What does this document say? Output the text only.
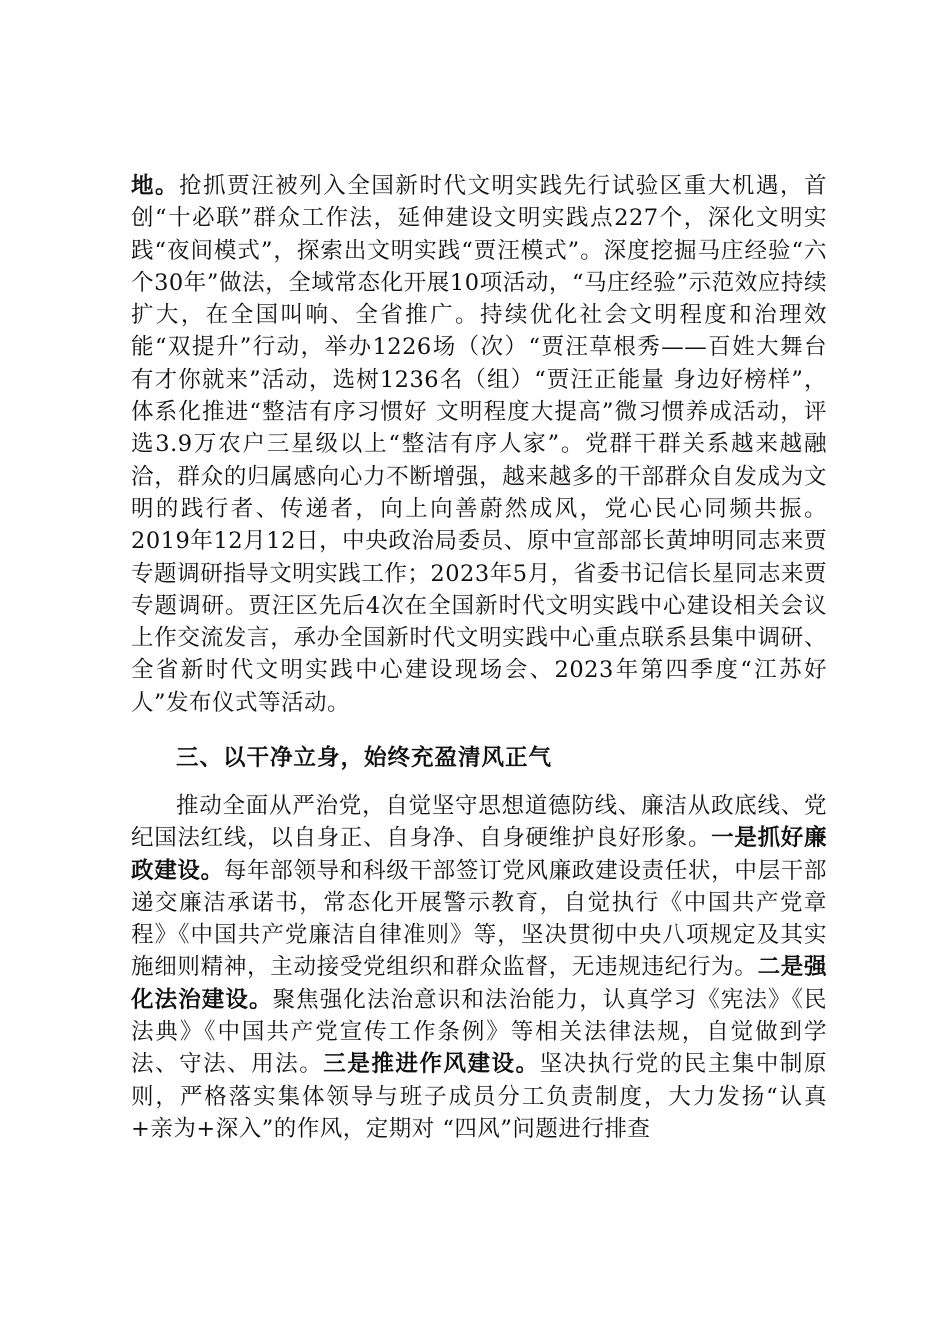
地。抢抓贾汪被列入全国新时代文明实践先行试验区重大机遇，首创“十必联”群众工作法，延伸建设文明实践点227个，深化文明实践“夜间模式”，探索出文明实践“贾汪模式”。深度挖掘马庄经验“六个30年”做法，全域常态化开展10项活动，“马庄经验”示范效应持续扩大，在全国叫响、全省推广。持续优化社会文明程度和治理效能“双提升”行动，举办1226场（次）“贾汪草根秀——百姓大舞台 有才你就来”活动，选树1236名（组）“贾汪正能量 身边好榜样”，体系化推进“整洁有序习惯好 文明程度大提高”微习惯养成活动，评选3.9万农户三星级以上“整洁有序人家”。党群干群关系越来越融洽，群众的归属感向心力不断增强，越来越多的干部群众自发成为文明的践行者、传递者，向上向善蔚然成风，党心民心同频共振。2019年12月12日，中央政治局委员、原中宣部部长黄坤明同志来贾专题调研指导文明实践工作；2023年5月，省委书记信长星同志来贾专题调研。贾汪区先后4次在全国新时代文明实践中心建设相关会议上作交流发言，承办全国新时代文明实践中心重点联系县集中调研、全省新时代文明实践中心建设现场会、2023年第四季度“江苏好人”发布仪式等活动。

三、以干净立身，始终充盈清风正气

推动全面从严治党，自觉坚守思想道德防线、廉洁从政底线、党纪国法红线，以自身正、自身净、自身硬维护良好形象。一是抓好廉政建设。每年部领导和科级干部签订党风廉政建设责任状，中层干部递交廉洁承诺书，常态化开展警示教育，自觉执行《中国共产党章程》《中国共产党廉洁自律准则》等，坚决贯彻中央八项规定及其实施细则精神，主动接受党组织和群众监督，无违规违纪行为。二是强化法治建设。聚焦强化法治意识和法治能力，认真学习《宪法》《民法典》《中国共产党宣传工作条例》等相关法律法规，自觉做到学法、守法、用法。三是推进作风建设。坚决执行党的民主集中制原则，严格落实集体领导与班子成员分工负责制度，大力发扬“认真+亲为+深入”的作风，定期对 “四风”问题进行排查
